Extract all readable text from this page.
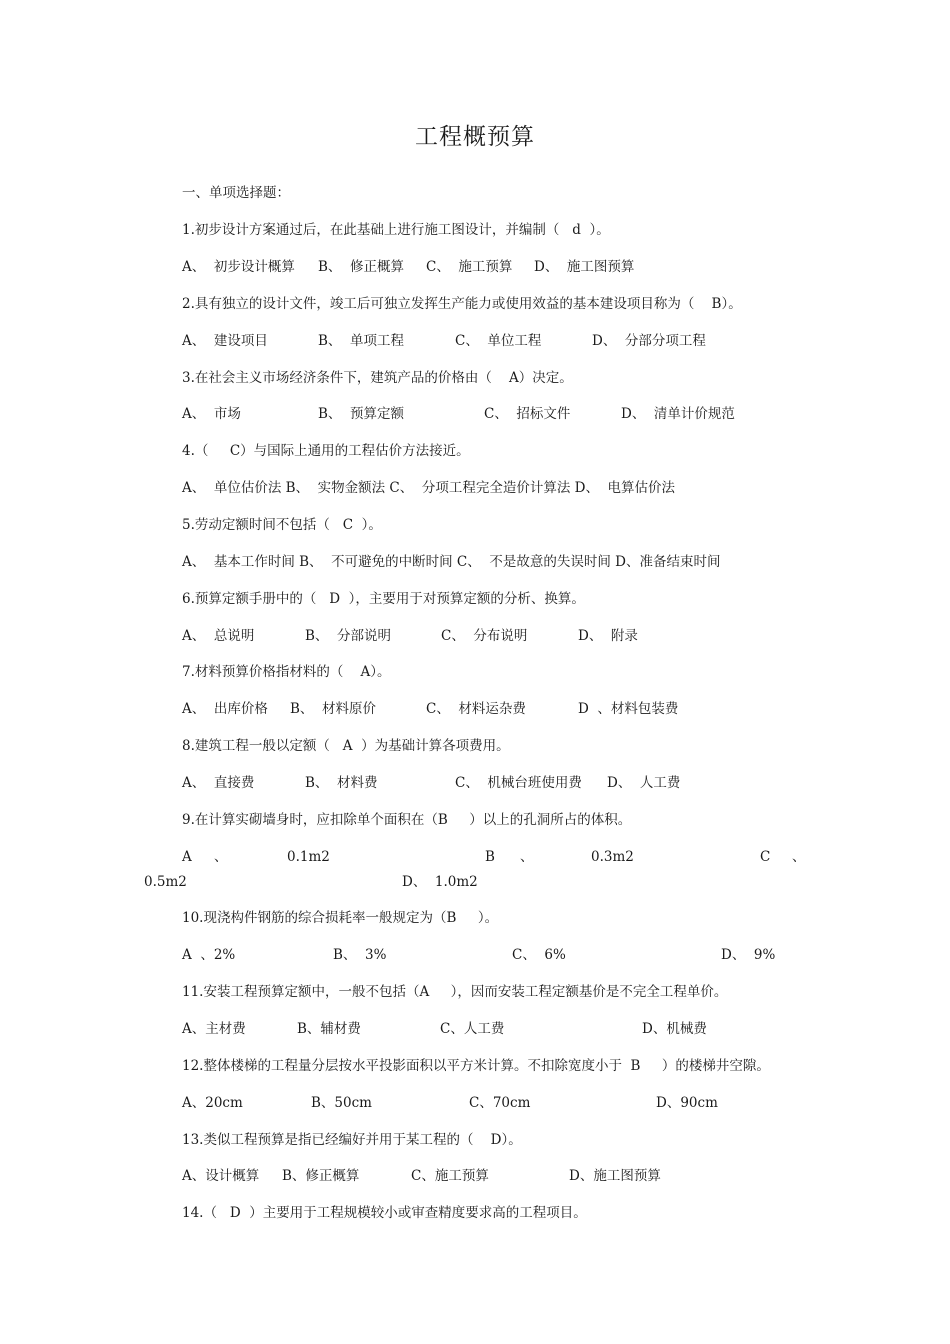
工程概预算
一、单项选择题：
1.初步设计方案通过后，在此基础上进行施工图设计，并编制（   d  ）。
A、  初步设计概算 B、  修正概算 C、  施工预算 D、  施工图预算
2.具有独立的设计文件，竣工后可独立发挥生产能力或使用效益的基本建设项目称为（    B）。
A、  建设项目	B、  单项工程	C、  单位工程	D、  分部分项工程
3.在社会主义市场经济条件下，建筑产品的价格由（    A）决定。
A、  市场	B、  预算定额	C、  招标文件	D、  清单计价规范
4.（     C）与国际上通用的工程估价方法接近。
A、  单位估价法 B、  实物金额法 C、  分项工程完全造价计算法 D、  电算估价法
5.劳动定额时间不包括（   C  ）。
A、  基本工作时间 B、  不可避免的中断时间 C、  不是故意的失误时间 D、准备结束时间
6.预算定额手册中的（   D  ），主要用于对预算定额的分析、换算。
A、  总说明	B、  分部说明	C、  分布说明	D、  附录
7.材料预算价格指材料的（    A）。
A、  出库价格 B、  材料原价	C、  材料运杂费	D  、材料包装费
8.建筑工程一般以定额（   A  ）为基础计算各项费用。
A、  直接费	B、  材料费	C、  机械台班使用费 D、  人工费
9.在计算实砌墙身时，应扣除单个面积在（B     ）以上的孔洞所占的体积。
A 、	0.1m2	B 、	0.3m2	C 、
0.5m2	D、  1.0m2
10.现浇构件钢筋的综合损耗率一般规定为（B     ）。
A  、2%	B、  3%	C、  6%	D、  9%
11.安装工程预算定额中，一般不包括（A     ），因而安装工程定额基价是不完全工程单价。
A、主材费	B、辅材费	C、人工费	D、机械费
12.整体楼梯的工程量分层按水平投影面积以平方米计算。不扣除宽度小于  B     ）的楼梯井空隙。
A、20cm	B、50cm	C、70cm	D、90cm
13.类似工程预算是指已经编好并用于某工程的（    D）。
A、设计概算 B、修正概算	C、施工预算	D、施工图预算
14.（   D  ）主要用于工程规模较小或审查精度要求高的工程项目。
